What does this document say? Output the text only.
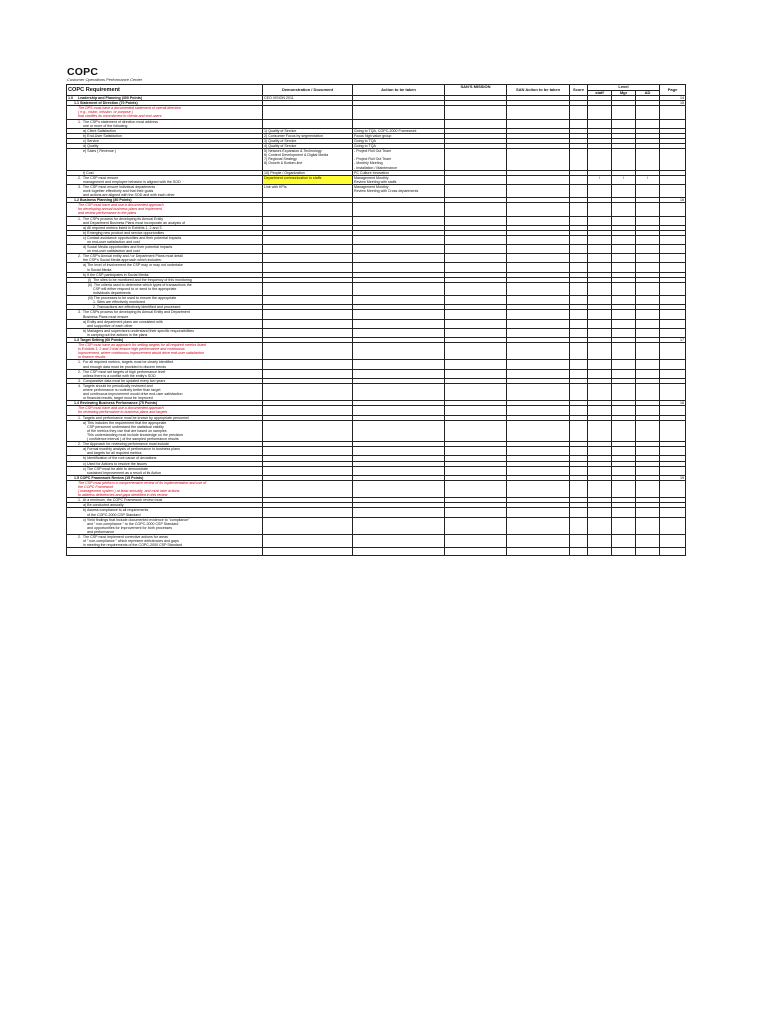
COPC
Customer Operations Performance Center
COPC Requirement	Demonstration / Document	Action to be taken	SAN'S MISSION	SAN Action to be taken	Score	Level			Page
						staff	Mgr	AD	
1.0     Leadership and Planning (300 Points)	CEO VISION 2011								14
1.1 Statement of Direction (70 Points)									15
The DPS must have a documented statement of overall direction
( e.g., vision, mission, or purpose )
that clarifies its commitment to clients and end-users									
1.  The CSP's statement of direction must address
one or more of the following									
a) Client Satisfaction	1) Quality of Service	Going to TQA, COPC-2000 Framework							
b) End-User Satisfaction	2) Consumer Focus by segmentation	Focus high value group							
c) Service	3) Quality of Service	Going to TQA							
d) Quality	4) Quality of Service	Going to TQA							
e) Sales ( Revenue )	5) Network Expansion & Technology
6) Content Development & Digital Media
7) Regional Strategy
8) Growth & Bottom-line	- Project Roll Out Team

- Project Roll Out Team
- Monthly Meeting
- Installation / Maintenance							
f) Cost	10) People / Organization	PC Culture Innovation							
2.  The CSP must ensure
management and employee behavior is aligned with the SOD	Department communication to staffs	Management Monthly
Review Meeting with staffs				/	/	/	
3.  The CSP must ensure individual departments
work together effectively and that their goals
and actions are aligned with the SOD and with each other	Link with KPIs	Management Monthly
Review Meeting with Cross departments							
1.2 Business Planning (80 Points)									16
The CSP must have and use a documented approach
for developing annual business plans and implement
and review performance to the plans									
1.  The CSPs process for developing its Annual Entity
and Department Business Plans must incorporate an analysis of									
a) All required metrics listed in Exhibits 1, 2 and 3									
b) Emerging new product and service opportunities									
c) Contact avoidance opportunities and their potential impacts
on end-user satisfaction and cost									
d) Social Media opportunities and their potential impacts
on end-user satisfaction and cost									
2.  The CSP's Annual entity and / or Department Plans must detail
the CSP's Social Media approach which includes:									
a) The level of involvement the CSP may or may not undertake
in Social Media									
b) If the CSP participates in Social Media:									
(i)  The sites to be monitored and the frequency of this monitoring									
(ii)  The criteria used to determine which types of transactions the
CSP will either respond to or send to the appropriate
individuals departments									
(iii) The processes to be used to ensure the appropriate
1. Sites are effectively monitored									
2. Transactions are effectively identified and processed									
3.  The CSPs process for developing its Annual Entity and Department
Business Plans must ensure									
a) Entity and department plans are consistent with
and supportive of each other									
b) Managers and supervisors understand their specific responsibilities
in carrying out the actions in the plans									
1.3 Target Setting (60 Points)									17
The CSP must have an approach for setting targets for all required metrics listed
in Exhibits 1, 2 and 3 that ensure high performance and continuous
improvement, where continuous improvement would drive end-user satisfaction
or finance results									
1.  For all required metrics, targets must be clearly identified
and enough data must be provided to discern trends									
2.  The CSP must set targets of high performance level
unless there is a conflict with the entity's SOD									
3.  Comparative data must be updated every two years									
4.  Targets should be periodically reviewed and
where performance is routinely better than target
and continuous improvement would drive end-user satisfaction
or financial results, target must be improved									
1.4 Reviewing Business Performance (75 Points)									18
The CSP must have and use a documented approach
for reviewing performance to business plans and targets									
1.  Targets and performance must be known by appropriate personnel									
a) This includes the requirement that the appropriate
CSP personnel understand the statistical validity
of the metrics they use that are based on samples
This understanding must include knowledge on the precision
( confidence interval ) of the sampled performance results									
2.  The Approach for reviewing performance must include									
a) Formal monthly analysis of performance to business plans
and targets for all required metrics									
b) Identification of the root cause of deviations									
c) Used for Actions to resolve the issues									
c) The CSP must be able to demonstrate
sustained improvement as a result of its Action									
1.5 COPC Framework Review (15 Points)									19
The CSP must perform a comprehensive review of its implementation and use of
the COPC Framework
( management system ) at least annually, and must take actions
to address deficiencies and gaps identified in this review									
1.  At a minimum, the COPC Framework review must									
a) Be conducted annually									
b) Assess compliance to all requirements
of the COPC-2000 CSP Standard									
c) Yield findings that include documented evidence to "compliance"
and " non-compliance " to the COPC-2000 CSP Standard
and opportunities for improvement for both processes
and performance

2.  The CSP must implement corrective actions for areas
of " non-compliance " which represent deficiencies and gaps
in meeting the requirements of the COPC-2000 CSP Standard
